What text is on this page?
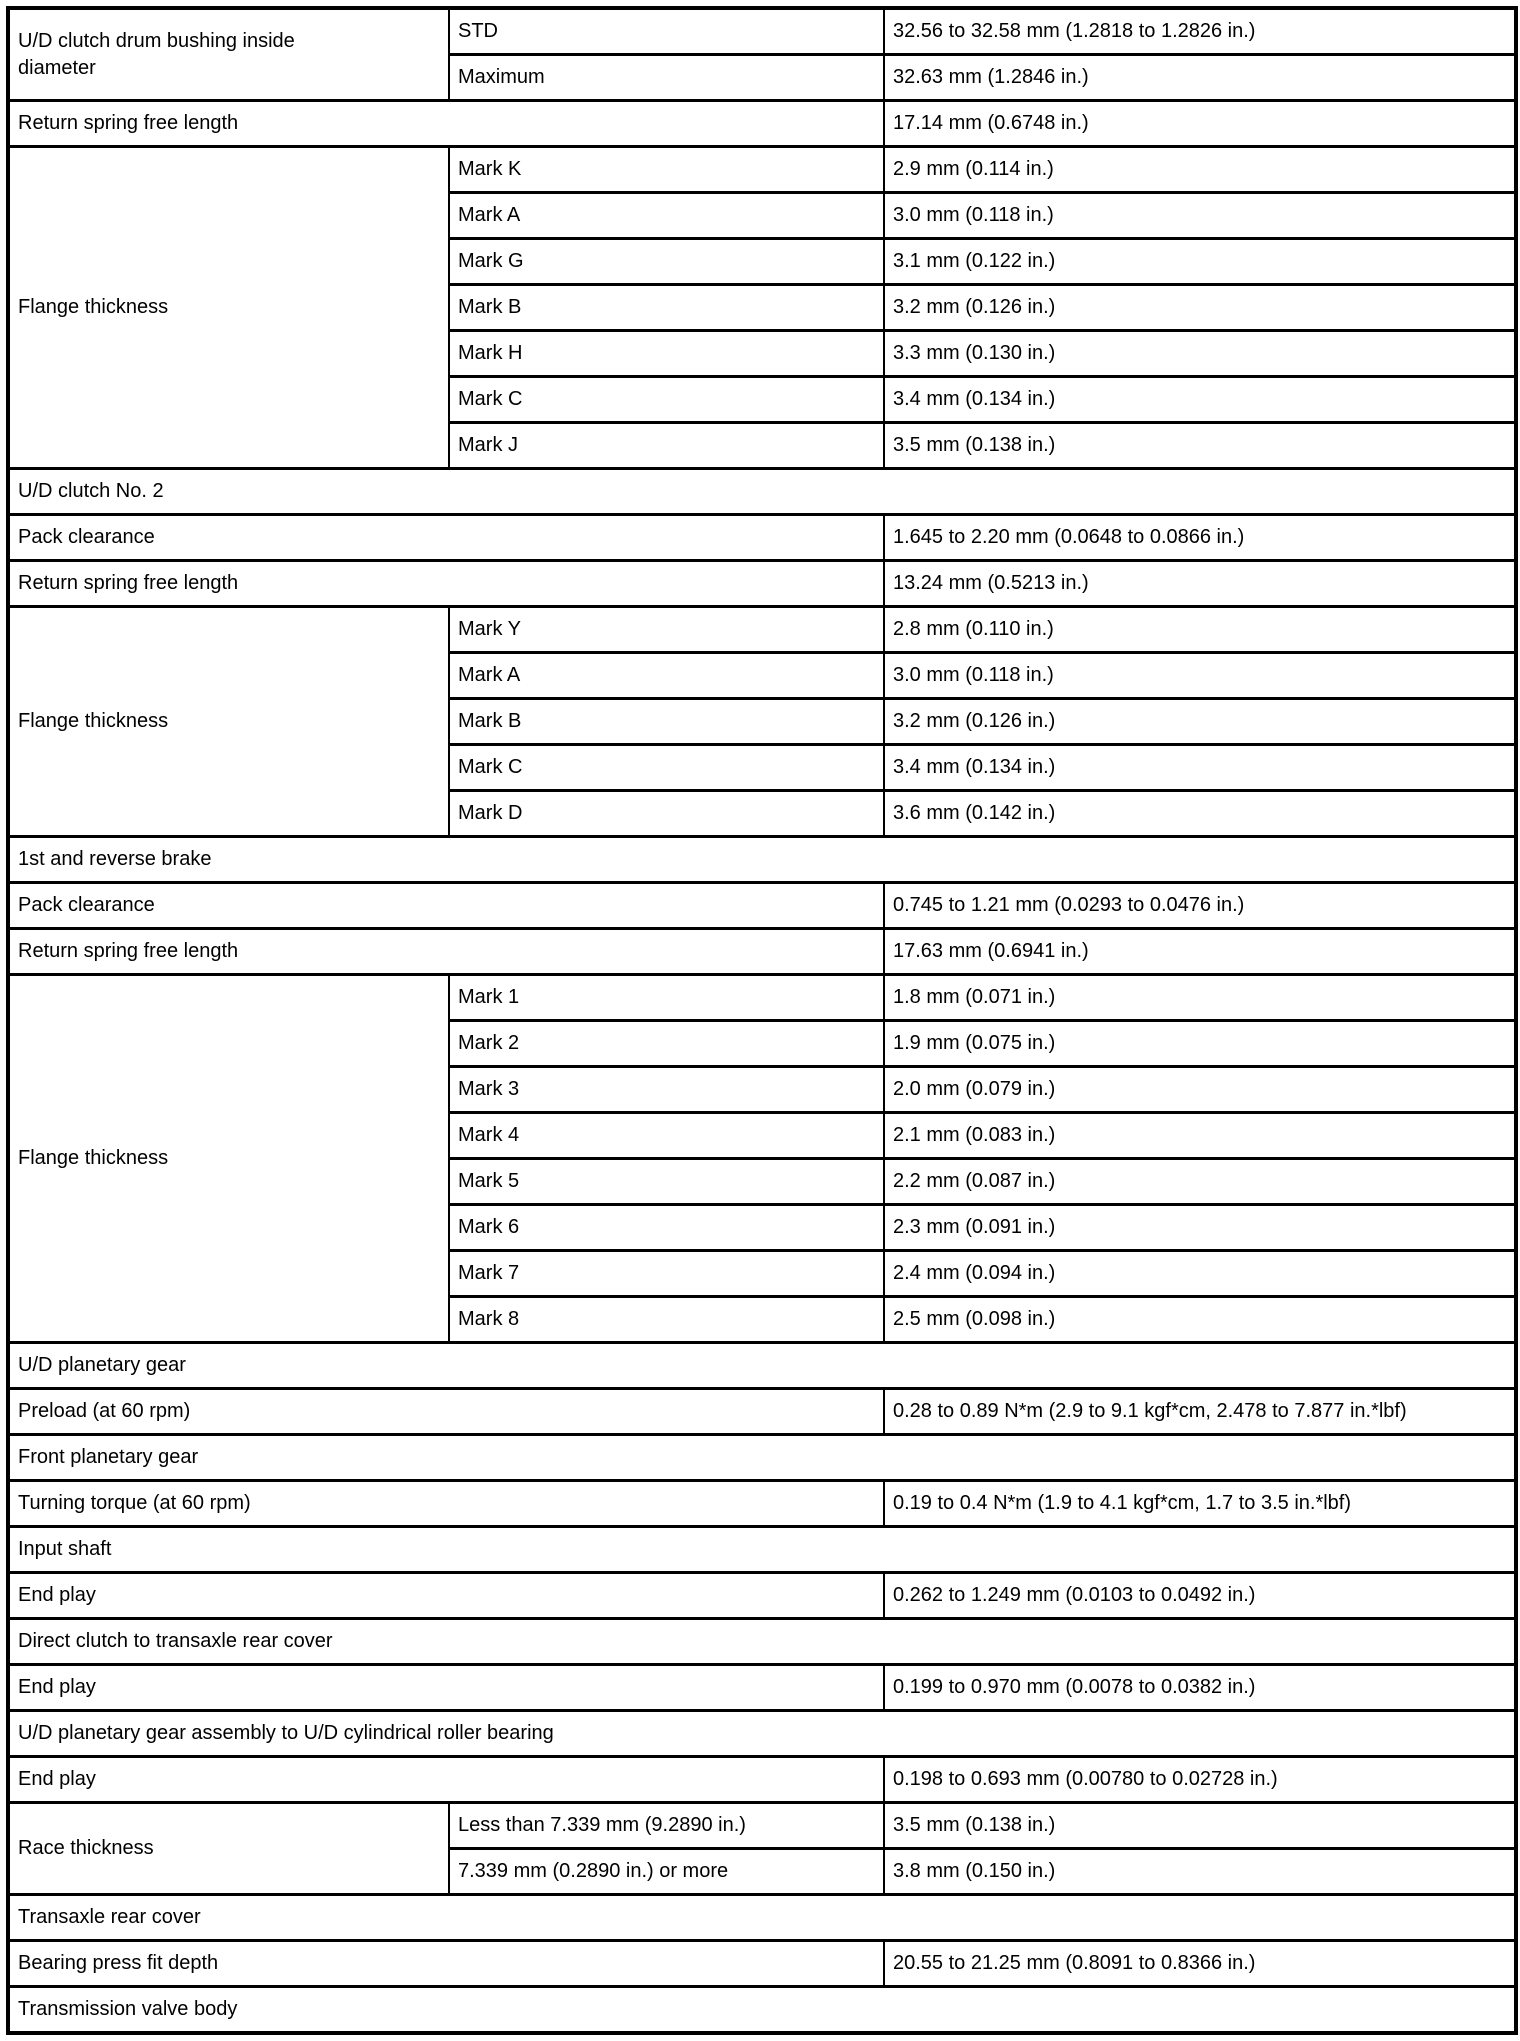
U/D clutch drum bushing inside diameter	STD	32.56 to 32.58 mm (1.2818 to 1.2826 in.)
	Maximum	32.63 mm (1.2846 in.)
Return spring free length		17.14 mm (0.6748 in.)
Flange thickness	Mark K	2.9 mm (0.114 in.)
	Mark A	3.0 mm (0.118 in.)
	Mark G	3.1 mm (0.122 in.)
	Mark B	3.2 mm (0.126 in.)
	Mark H	3.3 mm (0.130 in.)
	Mark C	3.4 mm (0.134 in.)
	Mark J	3.5 mm (0.138 in.)
U/D clutch No. 2		
Pack clearance		1.645 to 2.20 mm (0.0648 to 0.0866 in.)
Return spring free length		13.24 mm (0.5213 in.)
Flange thickness	Mark Y	2.8 mm (0.110 in.)
	Mark A	3.0 mm (0.118 in.)
	Mark B	3.2 mm (0.126 in.)
	Mark C	3.4 mm (0.134 in.)
	Mark D	3.6 mm (0.142 in.)
1st and reverse brake		
Pack clearance		0.745 to 1.21 mm (0.0293 to 0.0476 in.)
Return spring free length		17.63 mm (0.6941 in.)
Flange thickness	Mark 1	1.8 mm (0.071 in.)
	Mark 2	1.9 mm (0.075 in.)
	Mark 3	2.0 mm (0.079 in.)
	Mark 4	2.1 mm (0.083 in.)
	Mark 5	2.2 mm (0.087 in.)
	Mark 6	2.3 mm (0.091 in.)
	Mark 7	2.4 mm (0.094 in.)
	Mark 8	2.5 mm (0.098 in.)
U/D planetary gear		
Preload (at 60 rpm)		0.28 to 0.89 N*m (2.9 to 9.1 kgf*cm, 2.478 to 7.877 in.*lbf)
Front planetary gear		
Turning torque (at 60 rpm)		0.19 to 0.4 N*m (1.9 to 4.1 kgf*cm, 1.7 to 3.5 in.*lbf)
Input shaft		
End play		0.262 to 1.249 mm (0.0103 to 0.0492 in.)
Direct clutch to transaxle rear cover		
End play		0.199 to 0.970 mm (0.0078 to 0.0382 in.)
U/D planetary gear assembly to U/D cylindrical roller bearing		
End play		0.198 to 0.693 mm (0.00780 to 0.02728 in.)
Race thickness	Less than 7.339 mm (9.2890 in.)	3.5 mm (0.138 in.)
	7.339 mm (0.2890 in.) or more	3.8 mm (0.150 in.)
Transaxle rear cover		
Bearing press fit depth		20.55 to 21.25 mm (0.8091 to 0.8366 in.)
Transmission valve body		
